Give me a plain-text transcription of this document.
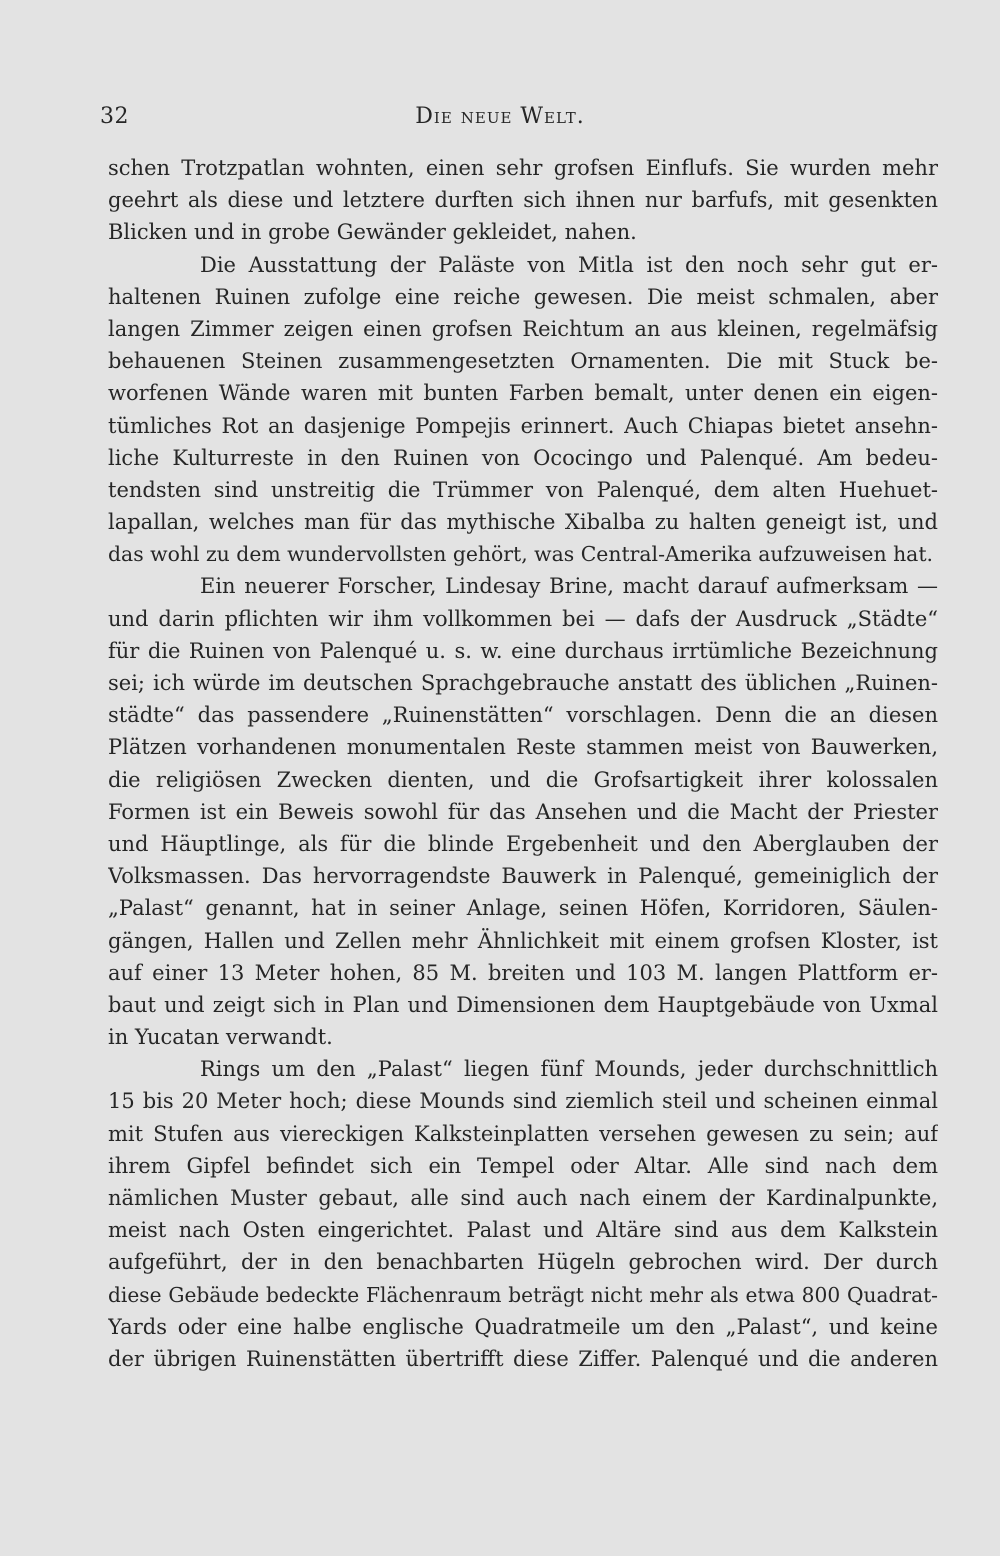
32	Die neue Welt.
schen Trotzpatlan wohnten, einen sehr grofsen Einflufs. Sie wurden mehr
geehrt als diese und letztere durften sich ihnen nur barfufs, mit gesenkten
Blicken und in grobe Gewänder gekleidet, nahen.
Die Ausstattung der Paläste von Mitla ist den noch sehr gut er-
haltenen Ruinen zufolge eine reiche gewesen. Die meist schmalen, aber
langen Zimmer zeigen einen grofsen Reichtum an aus kleinen, regelmäfsig
behauenen Steinen zusammengesetzten Ornamenten. Die mit Stuck be-
worfenen Wände waren mit bunten Farben bemalt, unter denen ein eigen-
tümliches Rot an dasjenige Pompejis erinnert. Auch Chiapas bietet ansehn-
liche Kulturreste in den Ruinen von Ococingo und Palenqué. Am bedeu-
tendsten sind unstreitig die Trümmer von Palenqué, dem alten Huehuet-
lapallan, welches man für das mythische Xibalba zu halten geneigt ist, und
das wohl zu dem wundervollsten gehört, was Central-Amerika aufzuweisen hat.
Ein neuerer Forscher, Lindesay Brine, macht darauf aufmerksam —
und darin pflichten wir ihm vollkommen bei — dafs der Ausdruck „Städte“
für die Ruinen von Palenqué u. s. w. eine durchaus irrtümliche Bezeichnung
sei; ich würde im deutschen Sprachgebrauche anstatt des üblichen „Ruinen-
städte“ das passendere „Ruinenstätten“ vorschlagen. Denn die an diesen
Plätzen vorhandenen monumentalen Reste stammen meist von Bauwerken,
die religiösen Zwecken dienten, und die Grofsartigkeit ihrer kolossalen
Formen ist ein Beweis sowohl für das Ansehen und die Macht der Priester
und Häuptlinge, als für die blinde Ergebenheit und den Aberglauben der
Volksmassen. Das hervorragendste Bauwerk in Palenqué, gemeiniglich der
„Palast“ genannt, hat in seiner Anlage, seinen Höfen, Korridoren, Säulen-
gängen, Hallen und Zellen mehr Ähnlichkeit mit einem grofsen Kloster, ist
auf einer 13 Meter hohen, 85 M. breiten und 103 M. langen Plattform er-
baut und zeigt sich in Plan und Dimensionen dem Hauptgebäude von Uxmal
in Yucatan verwandt.
Rings um den „Palast“ liegen fünf Mounds, jeder durchschnittlich
15 bis 20 Meter hoch; diese Mounds sind ziemlich steil und scheinen einmal
mit Stufen aus viereckigen Kalksteinplatten versehen gewesen zu sein; auf
ihrem Gipfel befindet sich ein Tempel oder Altar. Alle sind nach dem
nämlichen Muster gebaut, alle sind auch nach einem der Kardinalpunkte,
meist nach Osten eingerichtet. Palast und Altäre sind aus dem Kalkstein
aufgeführt, der in den benachbarten Hügeln gebrochen wird. Der durch
diese Gebäude bedeckte Flächenraum beträgt nicht mehr als etwa 800 Quadrat-
Yards oder eine halbe englische Quadratmeile um den „Palast“, und keine
der übrigen Ruinenstätten übertrifft diese Ziffer. Palenqué und die anderen
